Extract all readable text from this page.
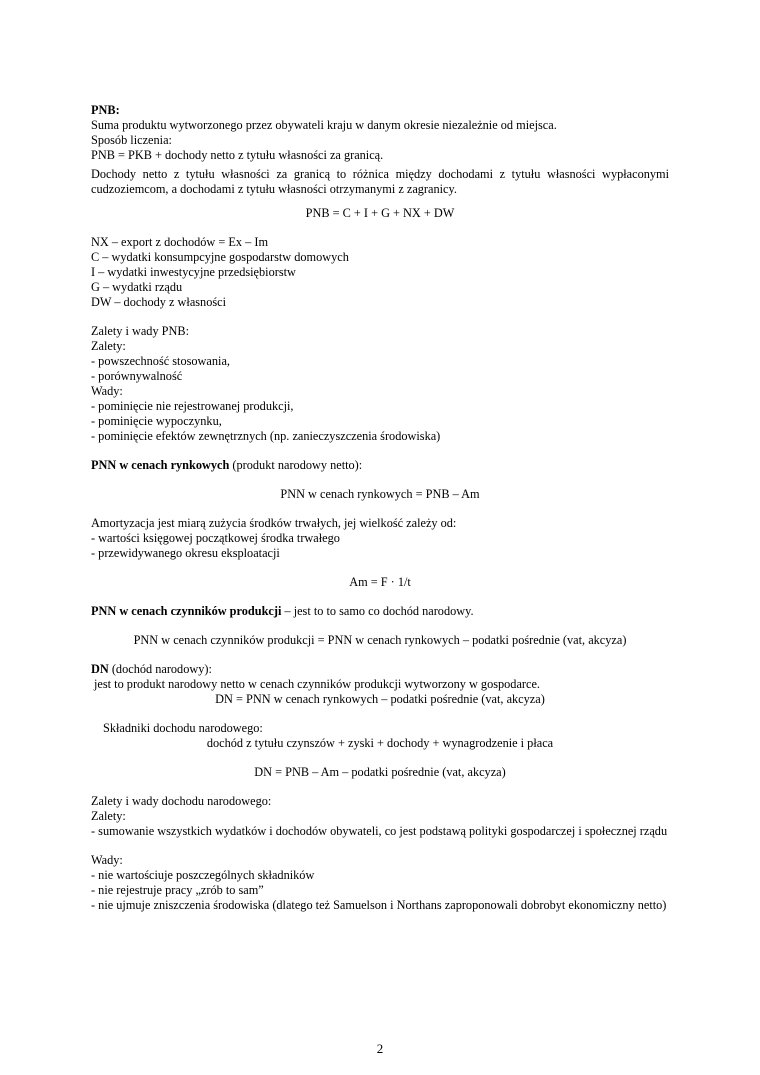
PNB:

Suma produktu wytworzonego przez obywateli kraju w danym okresie niezależnie od miejsca.

Sposób liczenia:

PNB = PKB + dochody netto z tytułu własności za granicą.

Dochody netto z tytułu własności za granicą to różnica między dochodami z tytułu własności wypłaconymi cudzoziemcom, a dochodami z tytułu własności otrzymanymi z zagranicy.

PNB = C + I + G + NX + DW

NX – export z dochodów = Ex – Im

C – wydatki konsumpcyjne gospodarstw domowych

I – wydatki inwestycyjne przedsiębiorstw

G – wydatki rządu

DW – dochody z własności

Zalety i wady PNB:

Zalety:

- powszechność stosowania,

- porównywalność

Wady:

- pominięcie nie rejestrowanej produkcji,

- pominięcie wypoczynku,

- pominięcie efektów zewnętrznych (np. zanieczyszczenia środowiska)

PNN w cenach rynkowych (produkt narodowy netto):

PNN w cenach rynkowych = PNB – Am

Amortyzacja jest miarą zużycia środków trwałych, jej wielkość zależy od:

- wartości księgowej początkowej środka trwałego

- przewidywanego okresu eksploatacji

Am = F · 1/t

PNN w cenach czynników produkcji – jest to to samo co dochód narodowy.

PNN w cenach czynników produkcji = PNN w cenach rynkowych – podatki pośrednie (vat, akcyza)

DN (dochód narodowy):

jest to produkt narodowy netto w cenach czynników produkcji wytworzony w gospodarce.

DN = PNN w cenach rynkowych – podatki pośrednie (vat, akcyza)

Składniki dochodu narodowego:

dochód z tytułu czynszów + zyski + dochody + wynagrodzenie i płaca

DN = PNB – Am – podatki pośrednie (vat, akcyza)

Zalety i wady dochodu narodowego:

Zalety:

- sumowanie wszystkich wydatków i dochodów obywateli, co jest podstawą polityki gospodarczej i społecznej rządu

Wady:

- nie wartościuje poszczególnych składników

- nie rejestruje pracy „zrób to sam”

- nie ujmuje zniszczenia środowiska (dlatego też Samuelson i Northans zaproponowali dobrobyt ekonomiczny netto)

2
